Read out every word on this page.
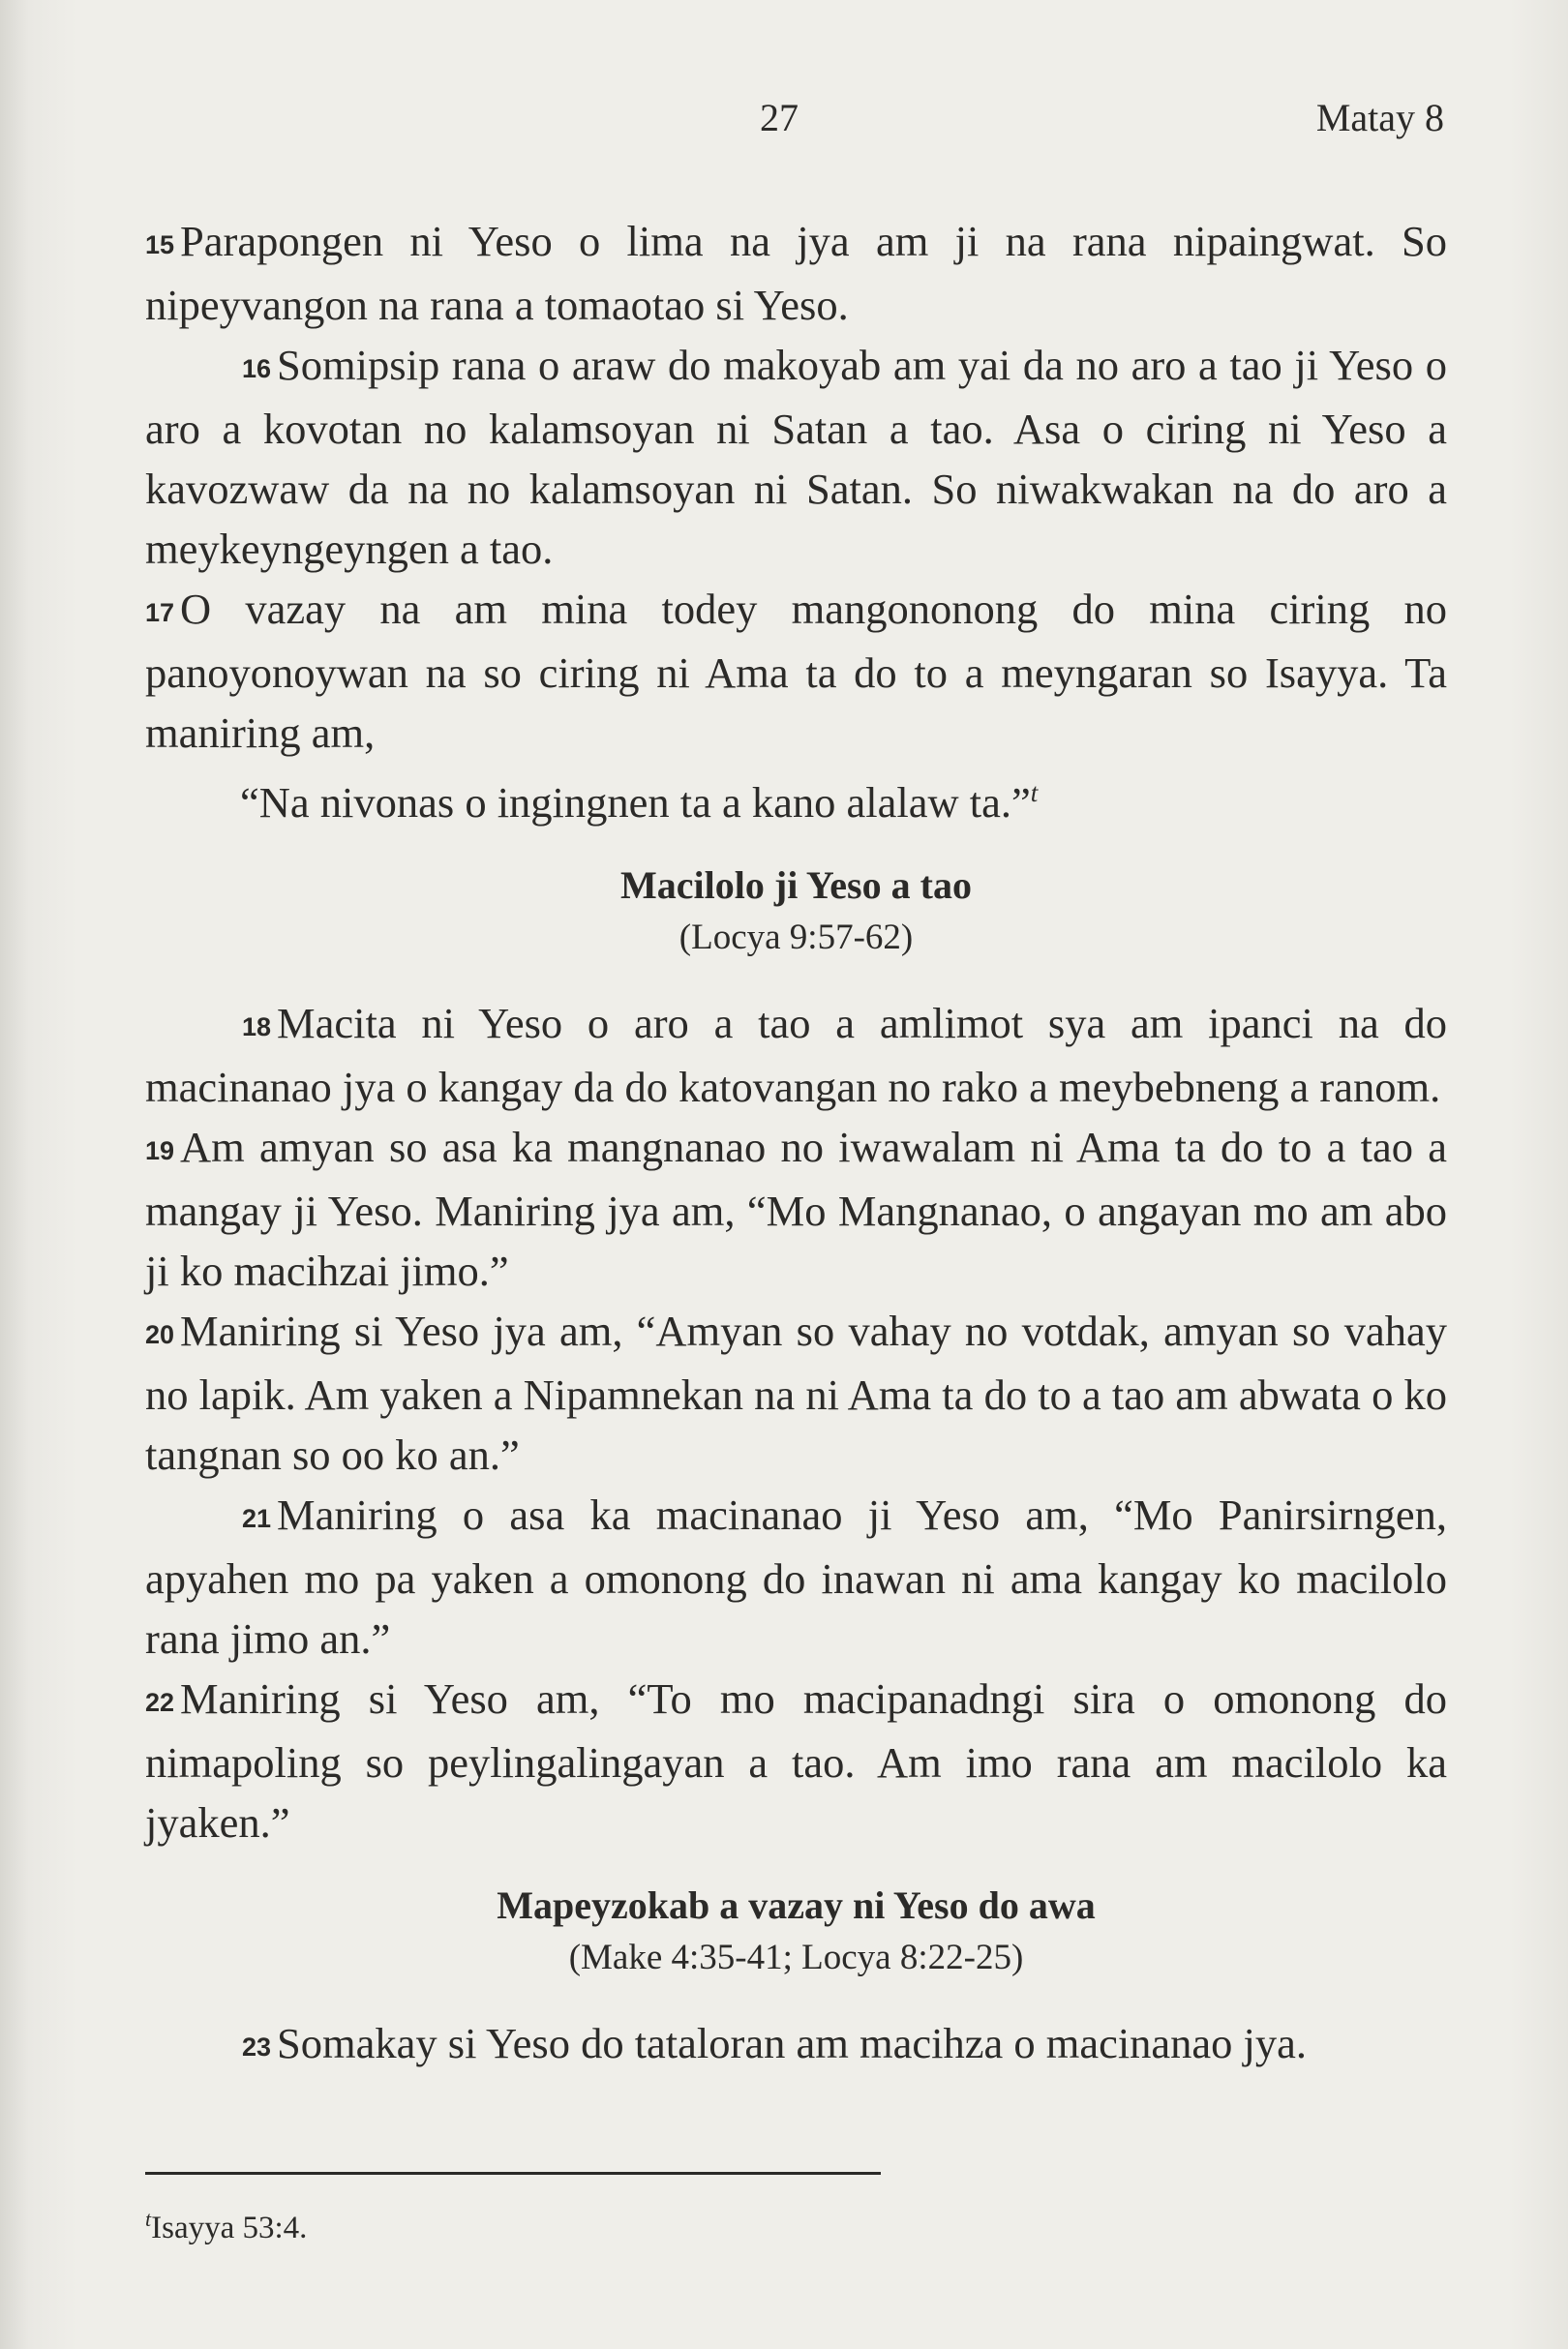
27	Matay 8

15 Parapongen ni Yeso o lima na jya am ji na rana nipaingwat. So nipeyvangon na rana a tomaotao si Yeso.

16 Somipsip rana o araw do makoyab am yai da no aro a tao ji Yeso o aro a kovotan no kalamsoyan ni Satan a tao. Asa o ciring ni Yeso a kavozwaw da na no kalamsoyan ni Satan. So niwakwakan na do aro a meykeyngeyngen a tao.

17 O vazay na am mina todey mangononong do mina ciring no panoyonoywan na so ciring ni Ama ta do to a meyngaran so Isayya. Ta maniring am,

“Na nivonas o ingingnen ta a kano alalaw ta.”$^t$

Macilolo ji Yeso a tao
(Locya 9:57-62)

18 Macita ni Yeso o aro a tao a amlimot sya am ipanci na do macinanao jya o kangay da do katovangan no rako a meybebneng a ranom.

19 Am amyan so asa ka mangnanao no iwawalam ni Ama ta do to a tao a mangay ji Yeso. Maniring jya am, “Mo Mangnanao, o angayan mo am abo ji ko macihzai jimo.”

20 Maniring si Yeso jya am, “Amyan so vahay no votdak, amyan so vahay no lapik. Am yaken a Nipamnekan na ni Ama ta do to a tao am abwata o ko tangnan so oo ko an.”

21 Maniring o asa ka macinanao ji Yeso am, “Mo Panirsirngen, apyahen mo pa yaken a omonong do inawan ni ama kangay ko macilolo rana jimo an.”

22 Maniring si Yeso am, “To mo macipanadngi sira o omonong do nimapoling so peylingalingayan a tao. Am imo rana am macilolo ka jyaken.”

Mapeyzokab a vazay ni Yeso do awa
(Make 4:35-41; Locya 8:22-25)

23 Somakay si Yeso do tataloran am macihza o macinanao jya.

$^t$Isayya 53:4.
